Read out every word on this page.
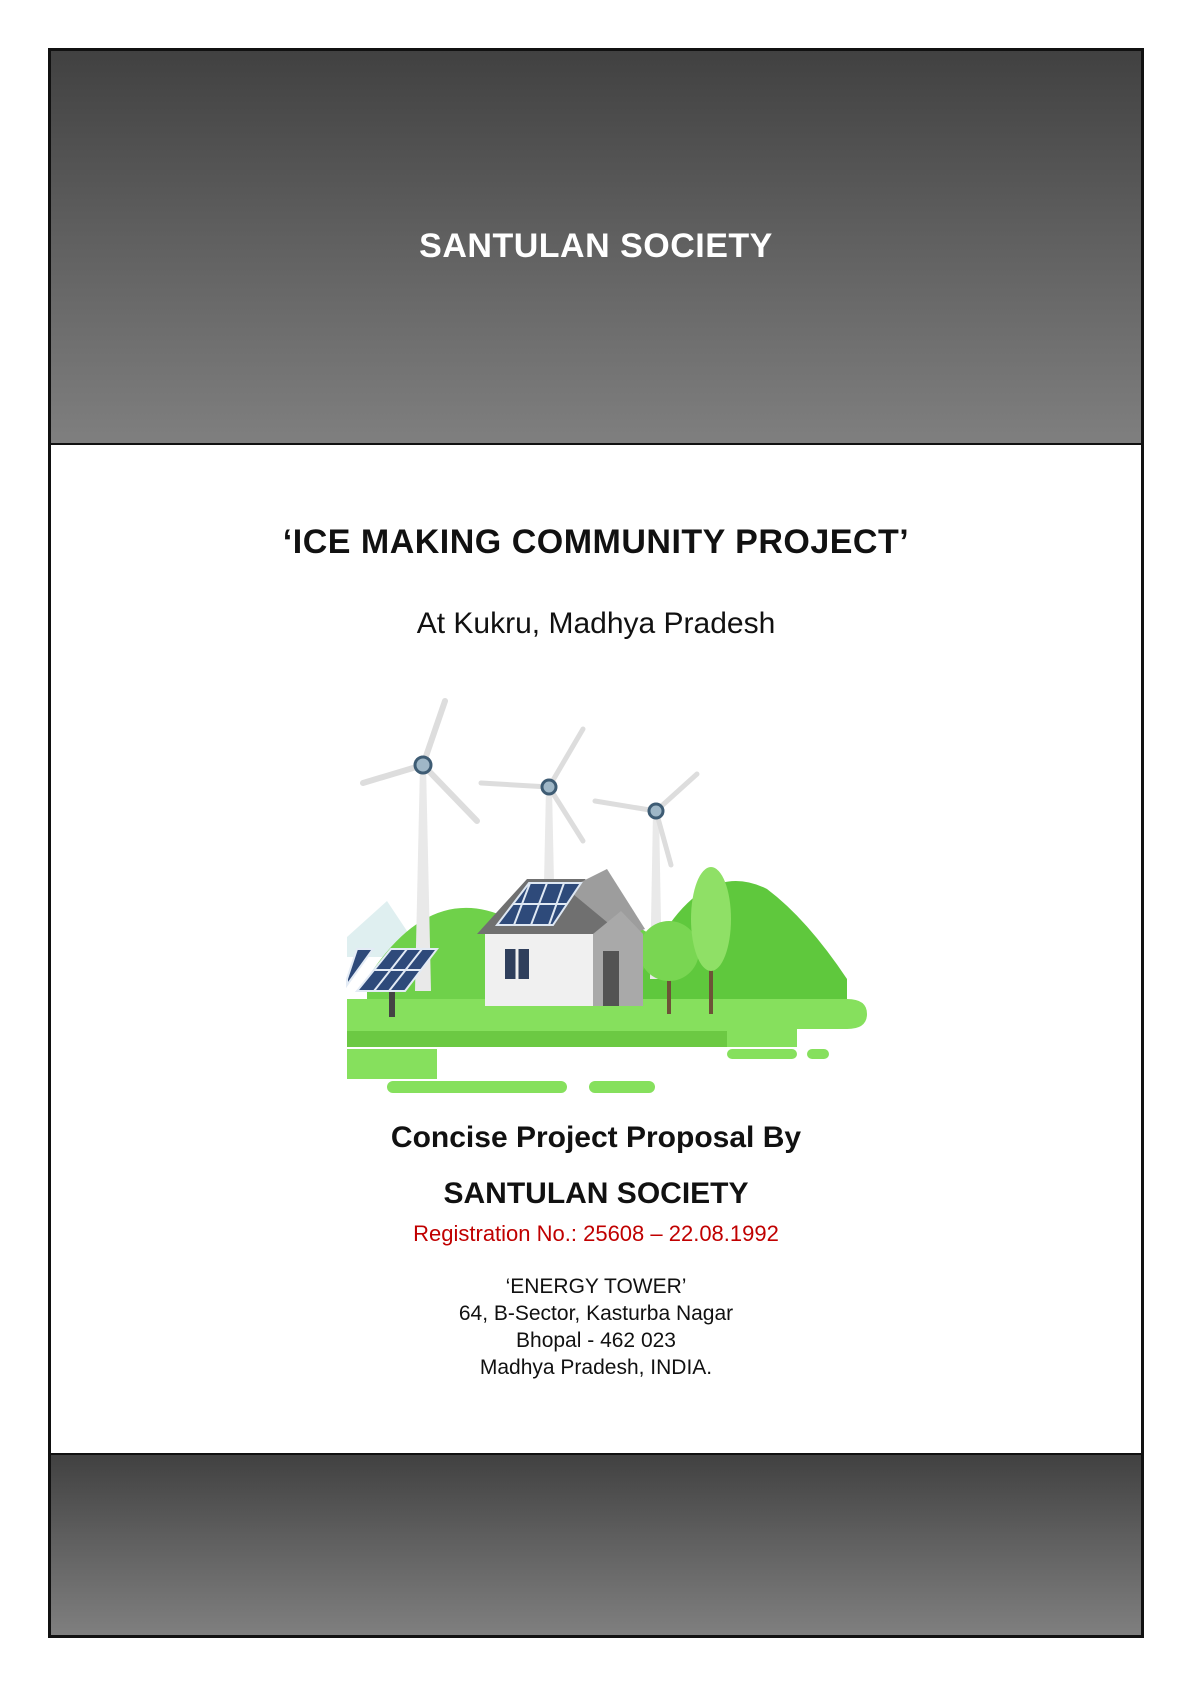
SANTULAN SOCIETY
‘ICE MAKING COMMUNITY PROJECT’
At Kukru, Madhya Pradesh
Concise Project Proposal By
SANTULAN SOCIETY
Registration No.: 25608 – 22.08.1992
‘ENERGY TOWER’
64, B-Sector, Kasturba Nagar
Bhopal - 462 023
Madhya Pradesh, INDIA.
